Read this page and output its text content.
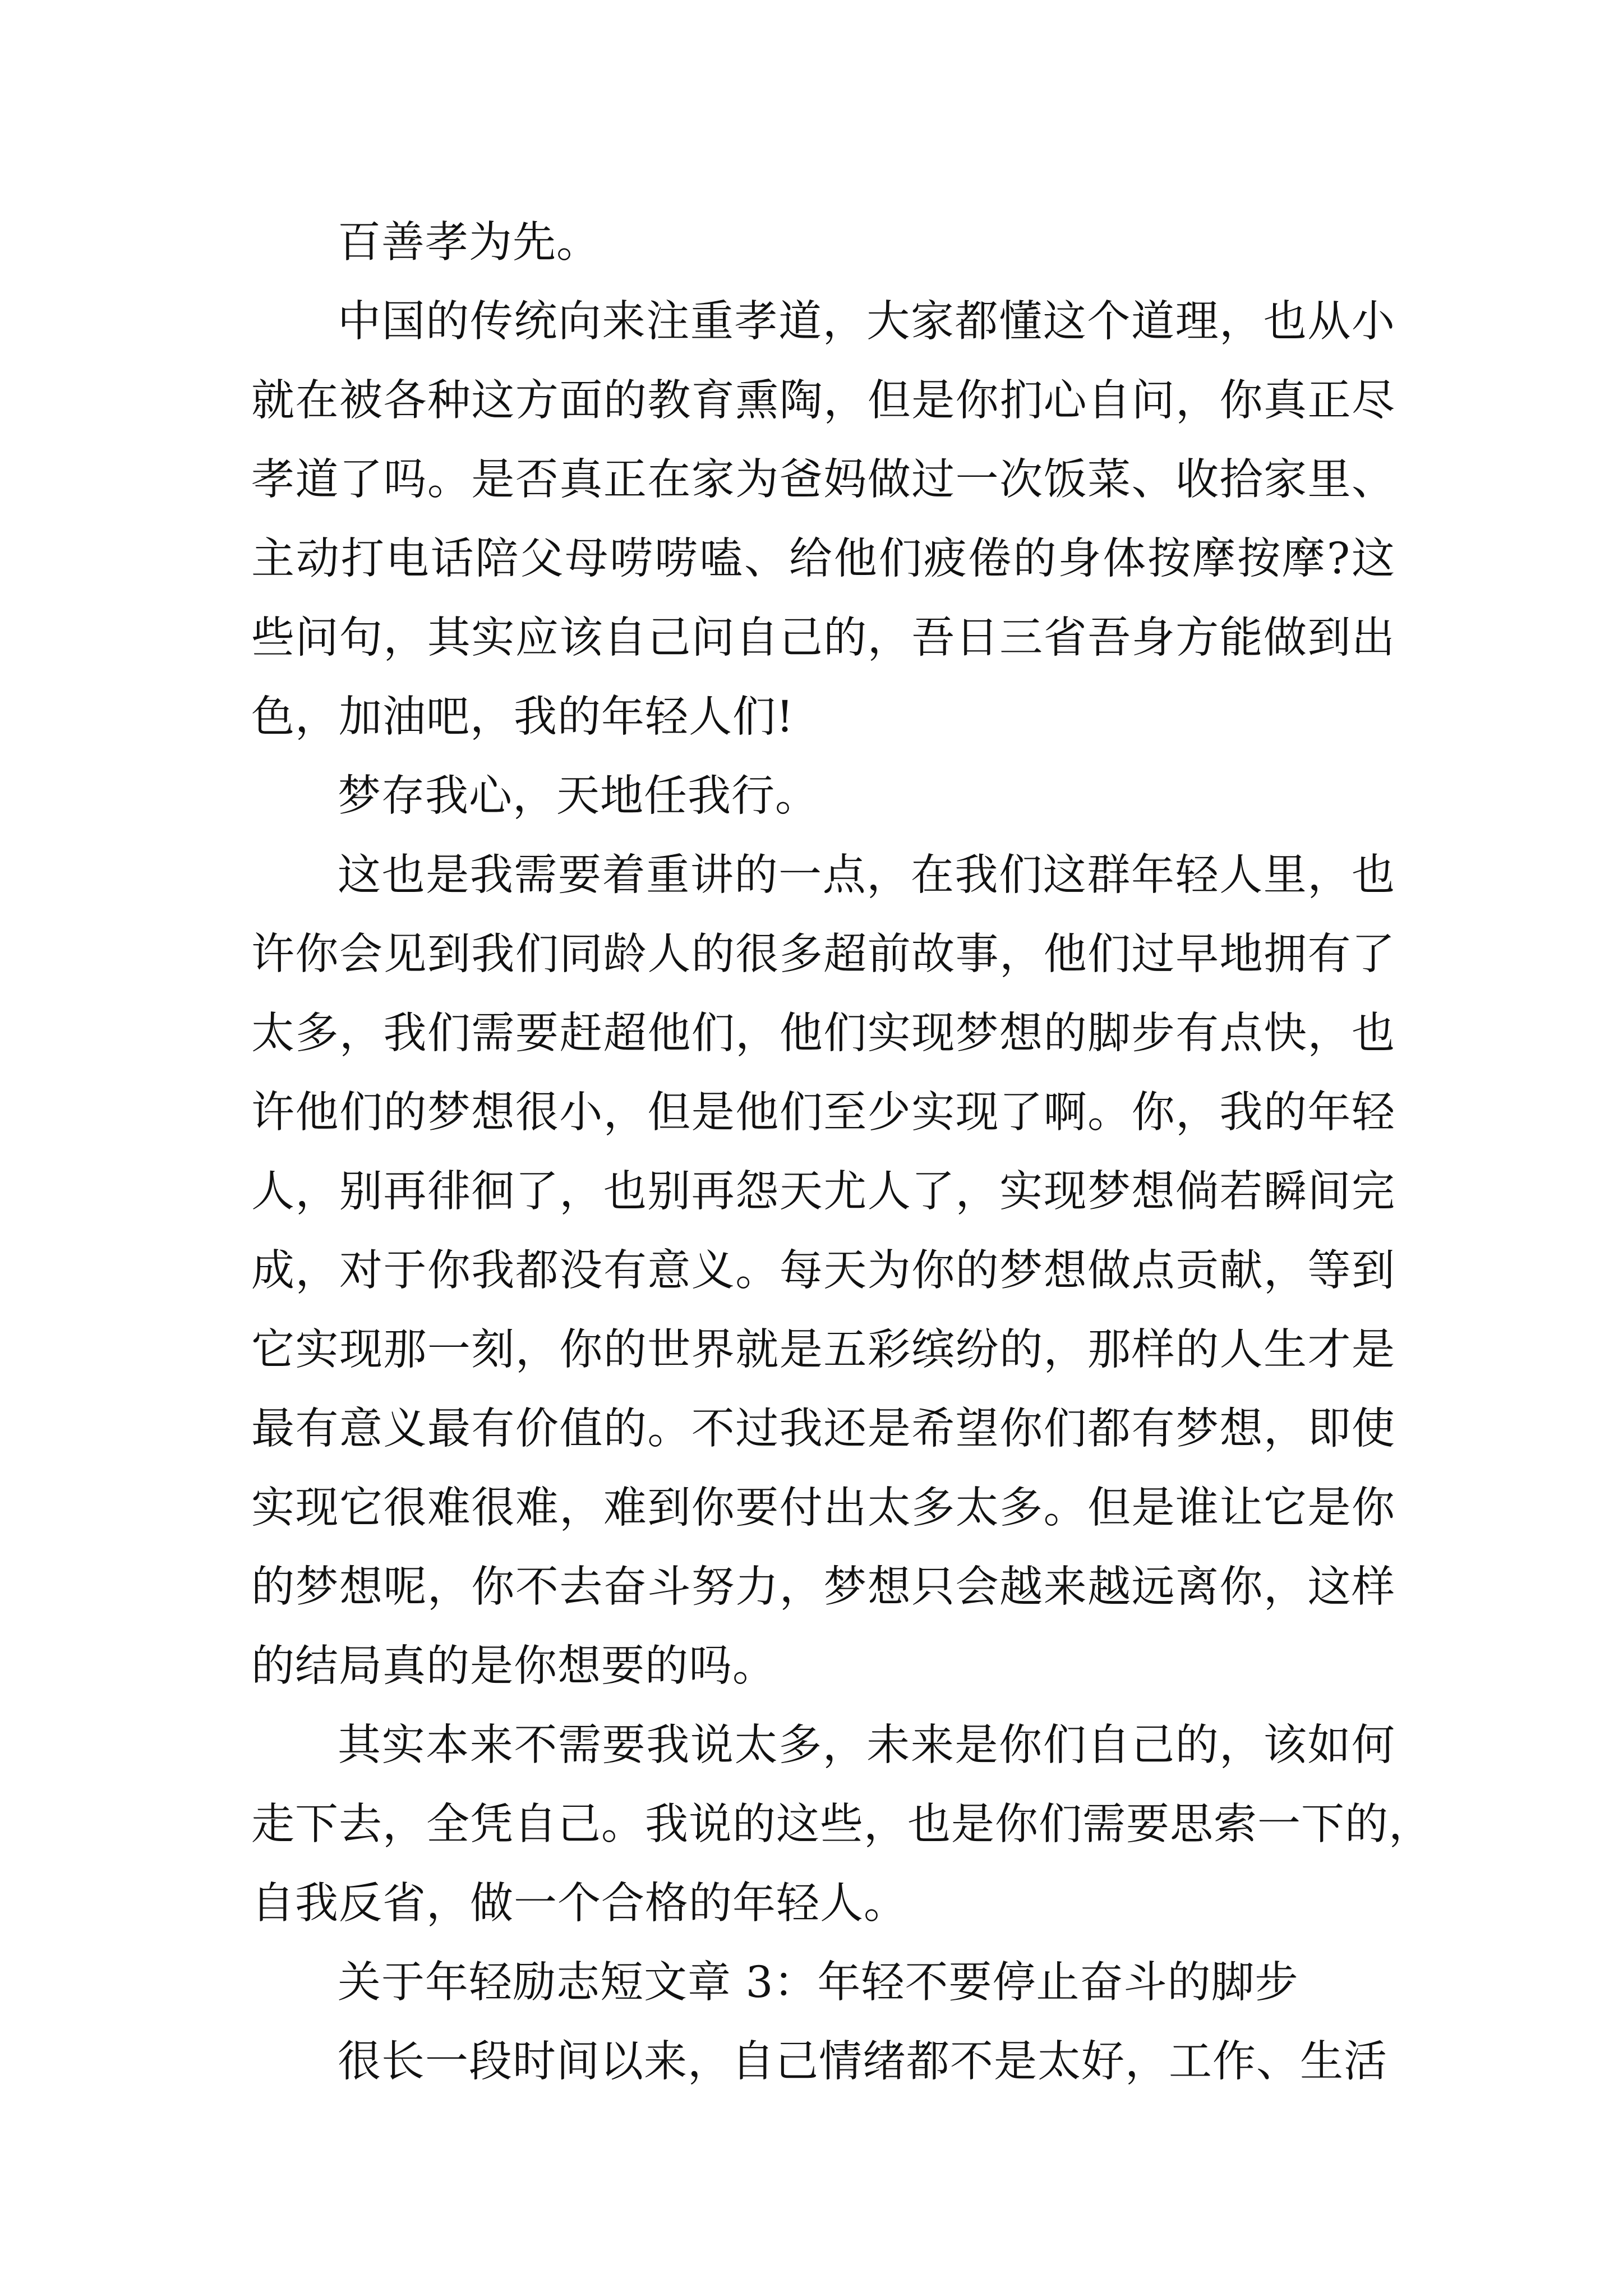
百善孝为先。

中国的传统向来注重孝道，大家都懂这个道理，也从小
就在被各种这方面的教育熏陶，但是你扪心自问，你真正尽
孝道了吗。是否真正在家为爸妈做过一次饭菜、收拾家里、
主动打电话陪父母唠唠嗑、给他们疲倦的身体按摩按摩?这
些问句，其实应该自己问自己的，吾日三省吾身方能做到出
色，加油吧，我的年轻人们!

梦存我心，天地任我行。

这也是我需要着重讲的一点，在我们这群年轻人里，也
许你会见到我们同龄人的很多超前故事，他们过早地拥有了
太多，我们需要赶超他们，他们实现梦想的脚步有点快，也
许他们的梦想很小，但是他们至少实现了啊。你，我的年轻
人，别再徘徊了，也别再怨天尤人了，实现梦想倘若瞬间完
成，对于你我都没有意义。每天为你的梦想做点贡献，等到
它实现那一刻，你的世界就是五彩缤纷的，那样的人生才是
最有意义最有价值的。不过我还是希望你们都有梦想，即使
实现它很难很难，难到你要付出太多太多。但是谁让它是你
的梦想呢，你不去奋斗努力，梦想只会越来越远离你，这样
的结局真的是你想要的吗。

其实本来不需要我说太多，未来是你们自己的，该如何
走下去，全凭自己。我说的这些，也是你们需要思索一下的，
自我反省，做一个合格的年轻人。

关于年轻励志短文章 3：年轻不要停止奋斗的脚步

很长一段时间以来，自己情绪都不是太好，工作、生活
